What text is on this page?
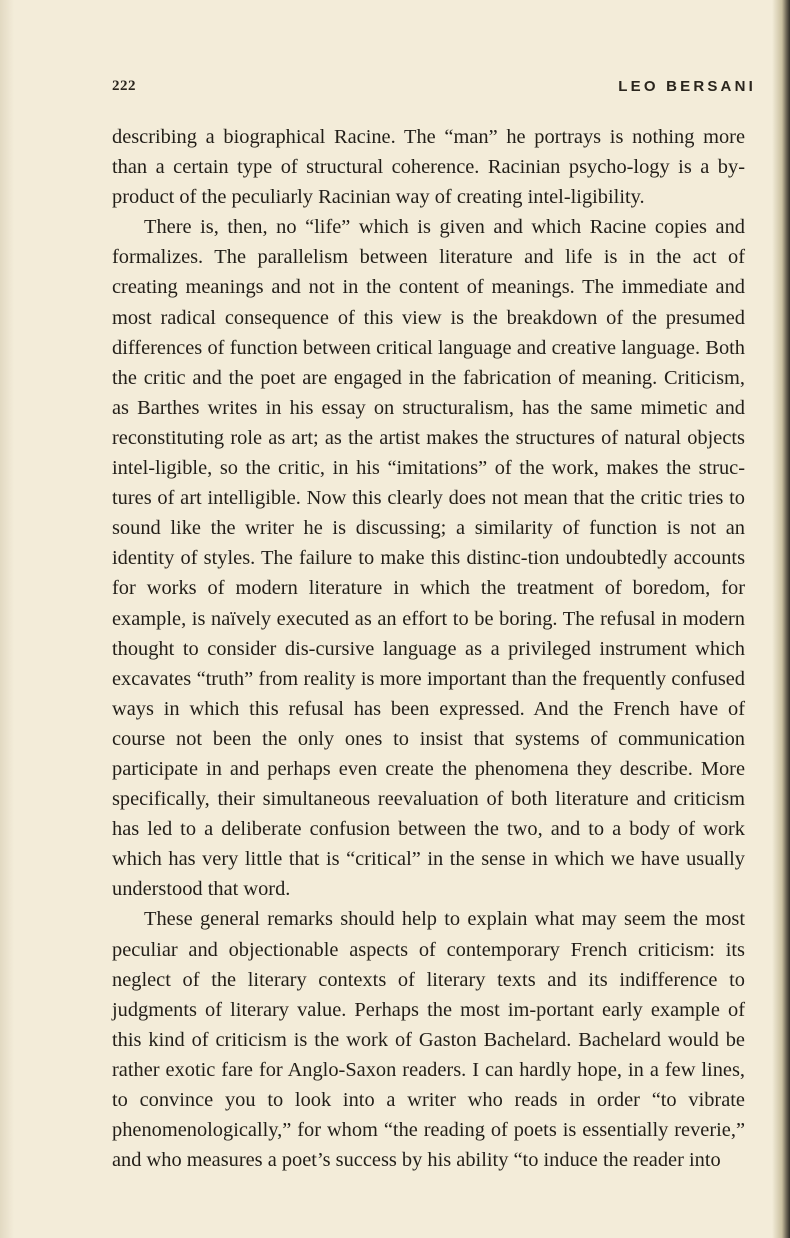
222	LEO BERSANI

describing a biographical Racine. The “man” he portrays is nothing more than a certain type of structural coherence. Racinian psycho-logy is a by-product of the peculiarly Racinian way of creating intel-ligibility.

There is, then, no “life” which is given and which Racine copies and formalizes. The parallelism between literature and life is in the act of creating meanings and not in the content of meanings. The immediate and most radical consequence of this view is the breakdown of the presumed differences of function between critical language and creative language. Both the critic and the poet are engaged in the fabrication of meaning. Criticism, as Barthes writes in his essay on structuralism, has the same mimetic and reconstituting role as art; as the artist makes the structures of natural objects intel-ligible, so the critic, in his “imitations” of the work, makes the struc-tures of art intelligible. Now this clearly does not mean that the critic tries to sound like the writer he is discussing; a similarity of function is not an identity of styles. The failure to make this distinc-tion undoubtedly accounts for works of modern literature in which the treatment of boredom, for example, is naïvely executed as an effort to be boring. The refusal in modern thought to consider dis-cursive language as a privileged instrument which excavates “truth” from reality is more important than the frequently confused ways in which this refusal has been expressed. And the French have of course not been the only ones to insist that systems of communication participate in and perhaps even create the phenomena they describe. More specifically, their simultaneous reevaluation of both literature and criticism has led to a deliberate confusion between the two, and to a body of work which has very little that is “critical” in the sense in which we have usually understood that word.

These general remarks should help to explain what may seem the most peculiar and objectionable aspects of contemporary French criticism: its neglect of the literary contexts of literary texts and its indifference to judgments of literary value. Perhaps the most im-portant early example of this kind of criticism is the work of Gaston Bachelard. Bachelard would be rather exotic fare for Anglo-Saxon readers. I can hardly hope, in a few lines, to convince you to look into a writer who reads in order “to vibrate phenomenologically,” for whom “the reading of poets is essentially reverie,” and who measures a poet’s success by his ability “to induce the reader into
